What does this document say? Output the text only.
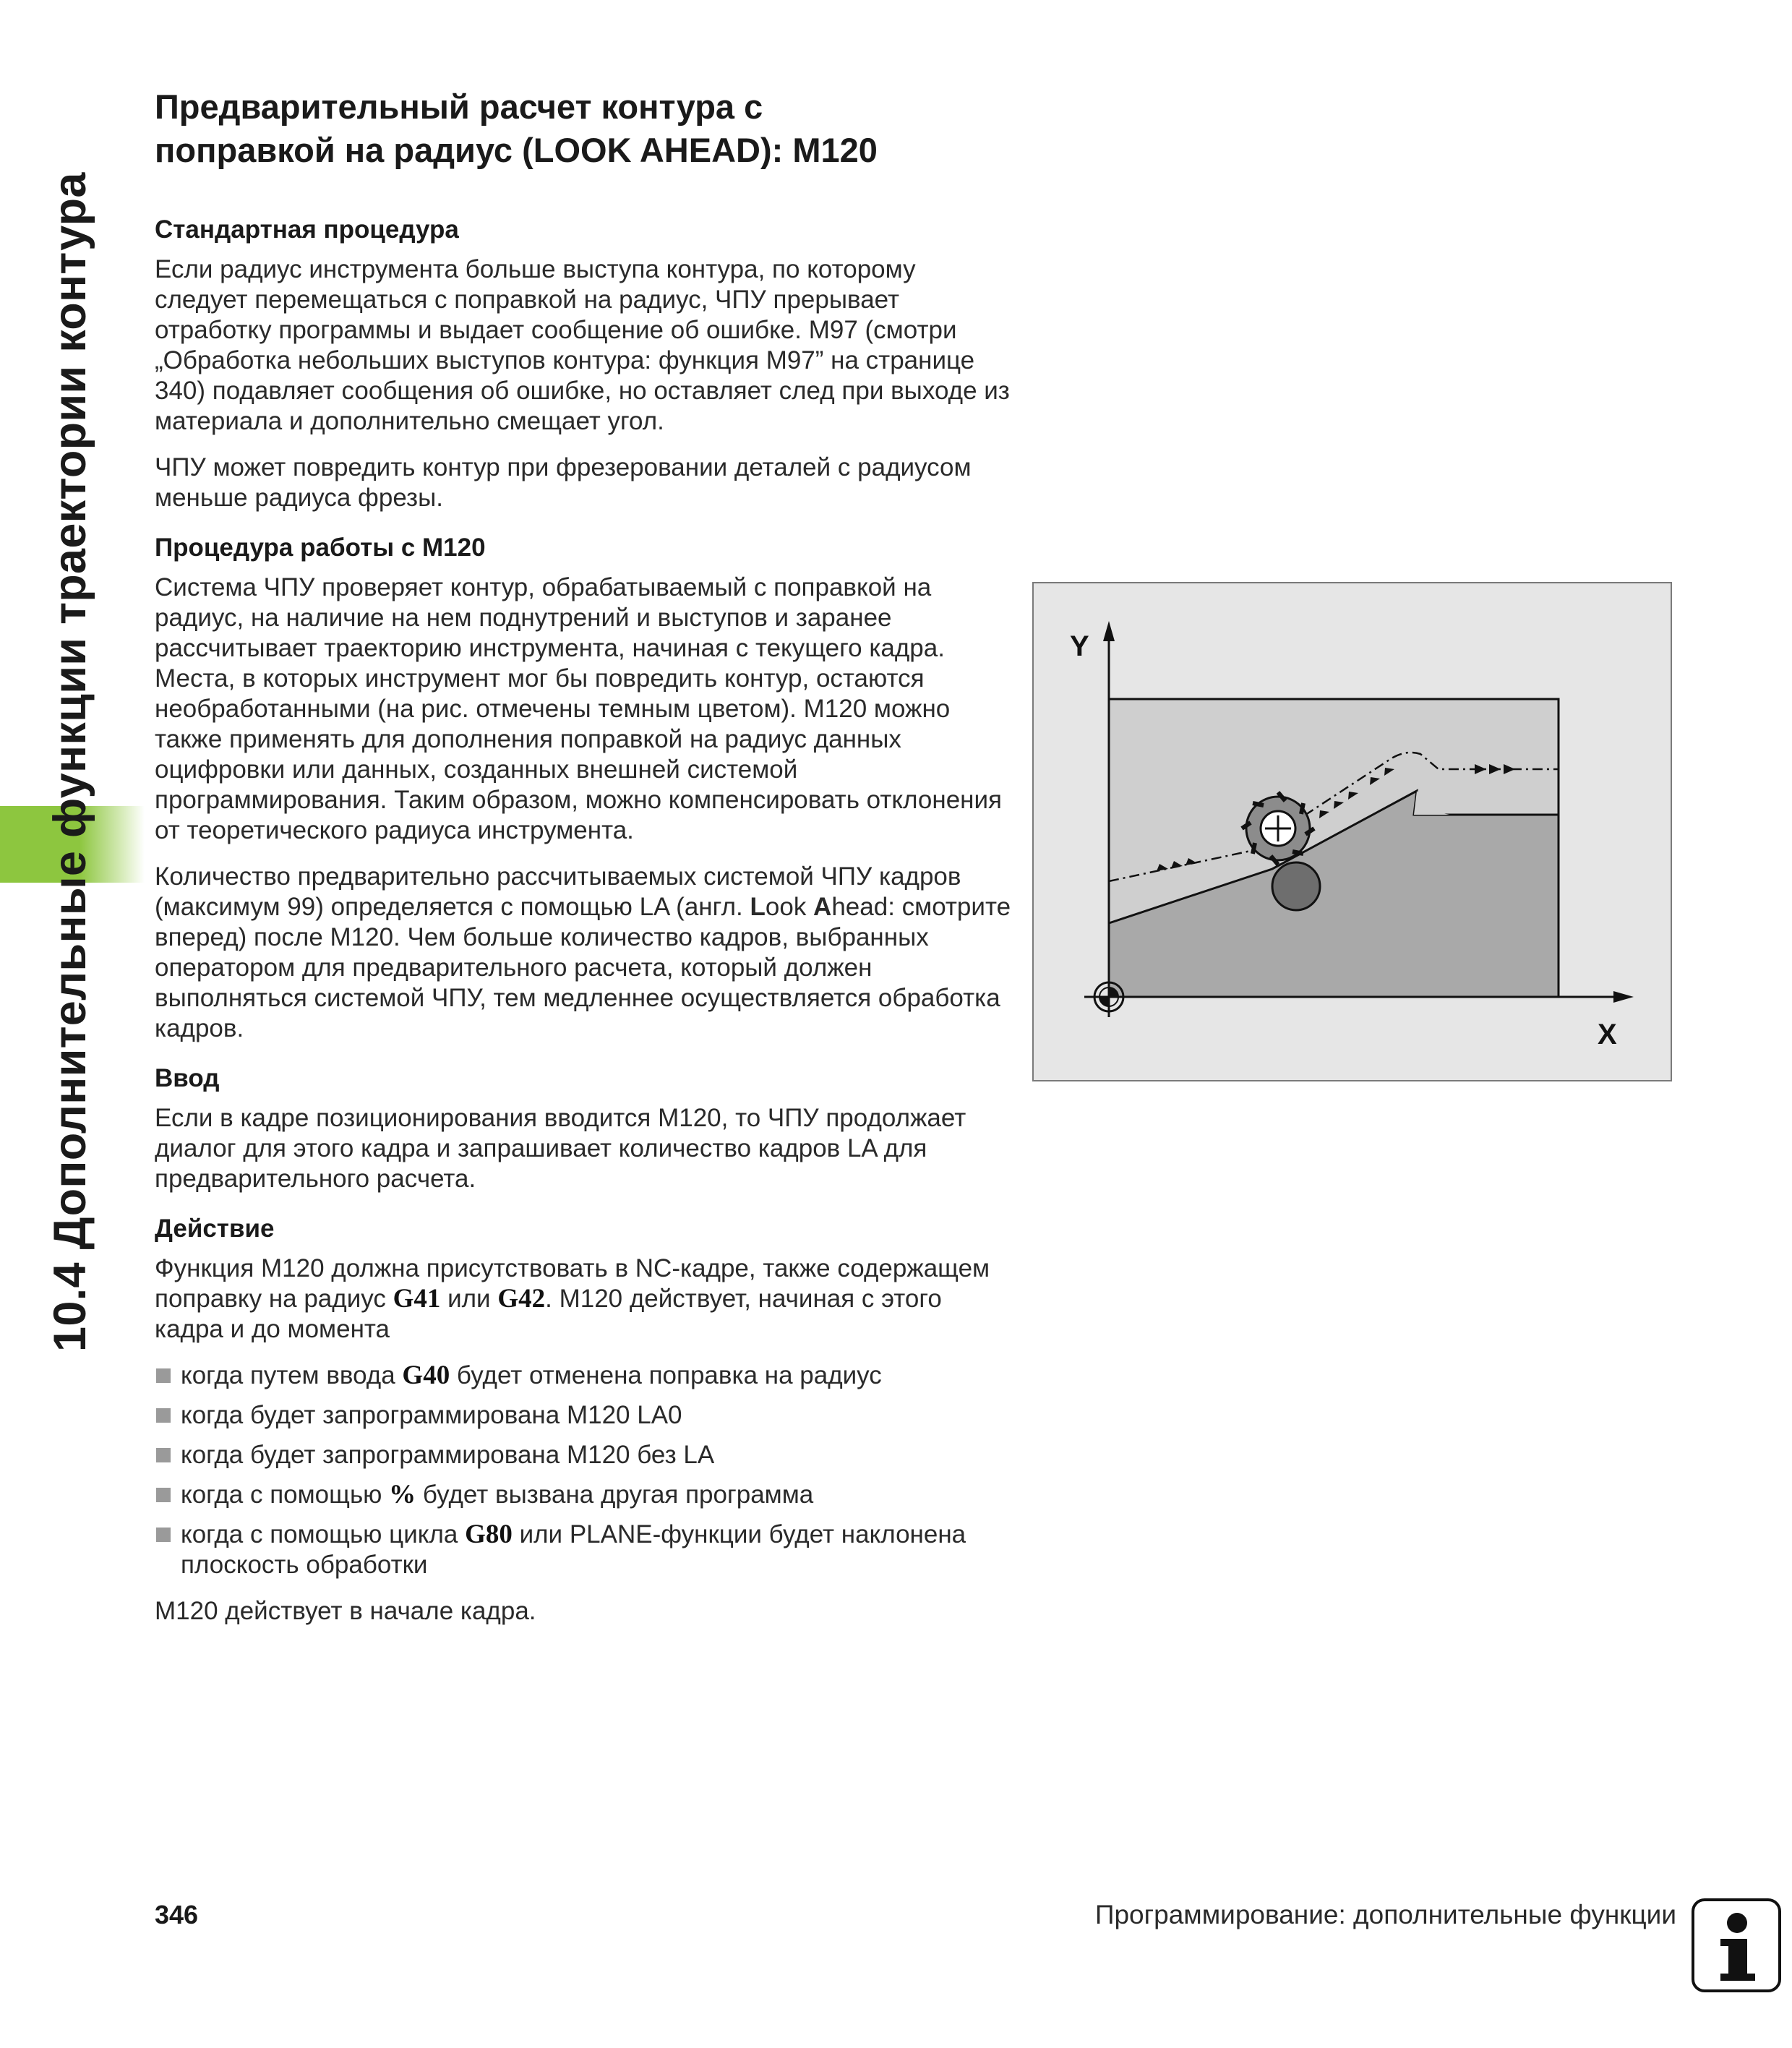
10.4 Дополнительные функции траектории контура
Предварительный расчет контура с
поправкой на радиус (LOOK AHEAD): M120
Стандартная процедура

Если радиус инструмента больше выступа контура, по которому следует перемещаться с поправкой на радиус, ЧПУ прерывает отработку программы и выдает сообщение об ошибке. M97 (смотри „Обработка небольших выступов контура: функция M97” на странице 340) подавляет сообщения об ошибке, но оставляет след при выходе из материала и дополнительно смещает угол.

ЧПУ может повредить контур при фрезеровании деталей с радиусом меньше радиуса фрезы.

Процедура работы с M120

Система ЧПУ проверяет контур, обрабатываемый с поправкой на радиус, на наличие на нем поднутрений и выступов и заранее рассчитывает траекторию инструмента, начиная с текущего кадра. Места, в которых инструмент мог бы повредить контур, остаются необработанными (на рис. отмечены темным цветом). M120 можно также применять для дополнения поправкой на радиус данных оцифровки или данных, созданных внешней системой программирования. Таким образом, можно компенсировать отклонения от теоретического радиуса инструмента.

Количество предварительно рассчитываемых системой ЧПУ кадров (максимум 99) определяется с помощью LA (англ. Look Ahead: смотрите вперед) после M120. Чем больше количество кадров, выбранных оператором для предварительного расчета, который должен выполняться системой ЧПУ, тем медленнее осуществляется обработка кадров.

Ввод

Если в кадре позиционирования вводится M120, то ЧПУ продолжает диалог для этого кадра и запрашивает количество кадров LA для предварительного расчета.

Действие

Функция M120 должна присутствовать в NC-кадре, также содержащем поправку на радиус G41 или G42. M120 действует, начиная с этого кадра и до момента

когда путем ввода G40 будет отменена поправка на радиус
когда будет запрограммирована M120 LA0
когда будет запрограммирована M120 без LA
когда с помощью % будет вызвана другая программа
когда с помощью цикла G80 или PLANE-функции будет наклонена плоскость обработки

M120 действует в начале кадра.

Y
X
346	Программирование: дополнительные функции
